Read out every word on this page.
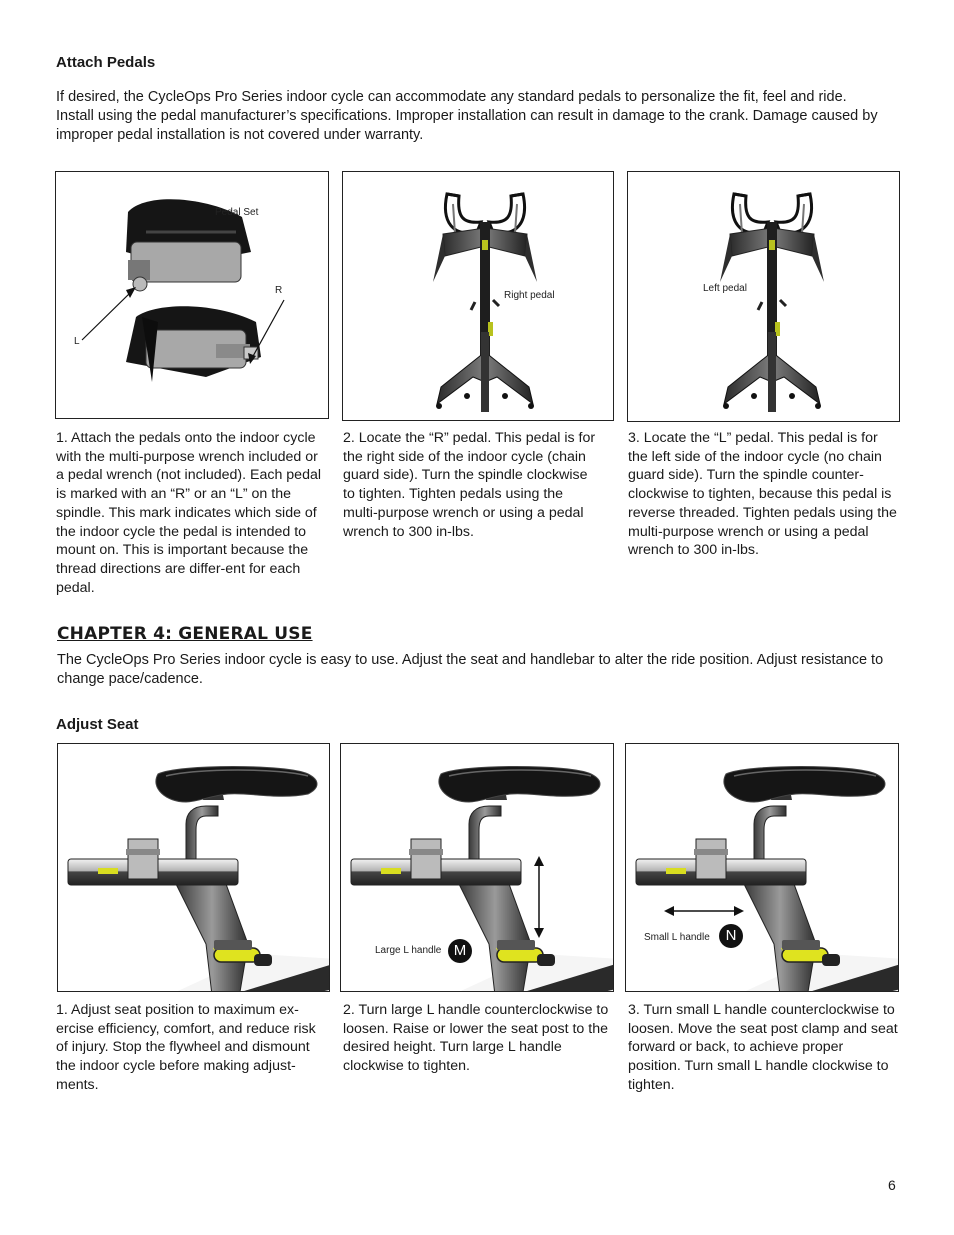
Attach Pedals
If desired, the CycleOps Pro Series indoor cycle can accommodate any standard pedals to personalize the fit, feel and ride. Install using the pedal manufacturer’s specifications. Improper installation can result in damage to the crank. Damage caused by improper pedal installation is not covered under warranty.
Pedal Set
R
L
Right pedal
Left pedal
1. Attach the pedals onto the indoor cycle with the multi-purpose wrench included or a pedal wrench (not included). Each pedal is marked with an “R” or an “L” on the spindle. This mark indicates which side of the indoor cycle the pedal is intended to mount on. This is important because the thread directions are differ-ent for each pedal.
2. Locate the “R” pedal. This pedal is for the right side of the indoor cycle (chain guard side). Turn the spindle clockwise to tighten. Tighten pedals using the multi-purpose wrench or using a pedal wrench to 300 in-lbs.
3. Locate the “L” pedal. This pedal is for the left side of the indoor cycle (no chain guard side). Turn the spindle counter-clockwise to tighten, because this pedal is reverse threaded. Tighten pedals using the multi-purpose wrench or using a pedal wrench to 300 in-lbs.
CHAPTER 4: GENERAL USE
The CycleOps Pro Series indoor cycle is easy to use. Adjust the seat and handlebar to alter the ride position. Adjust resistance to change pace/cadence.
Adjust Seat
Large L handle M
Small L handle	N
1. Adjust seat position to maximum ex-ercise efficiency, comfort, and reduce risk of injury. Stop the flywheel and dismount the indoor cycle before making adjust-ments.
2. Turn large L handle counterclockwise to loosen. Raise or lower the seat post to the desired height. Turn large L handle clockwise to tighten.
3. Turn small L handle counterclockwise to loosen. Move the seat post clamp and seat forward or back, to achieve proper position. Turn small L handle clockwise to tighten.
6
